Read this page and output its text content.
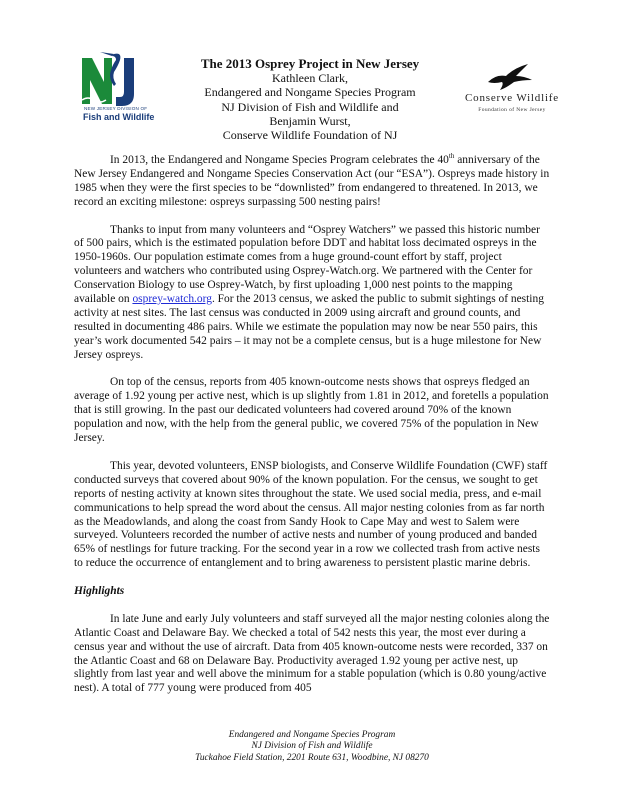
NEW JERSEY DIVISION OF
Fish and Wildlife
The 2013 Osprey Project in New Jersey
Kathleen Clark,
Endangered and Nongame Species Program
NJ Division of Fish and Wildlife and
Benjamin Wurst,
Conserve Wildlife Foundation of NJ
Conserve Wildlife
Foundation of New Jersey

In 2013, the Endangered and Nongame Species Program celebrates the 40th anniversary of the New Jersey Endangered and Nongame Species Conservation Act (our “ESA”). Ospreys made history in 1985 when they were the first species to be “downlisted” from endangered to threatened. In 2013, we record an exciting milestone: ospreys surpassing 500 nesting pairs!

Thanks to input from many volunteers and “Osprey Watchers” we passed this historic number of 500 pairs, which is the estimated population before DDT and habitat loss decimated ospreys in the 1950-1960s. Our population estimate comes from a huge ground-count effort by staff, project volunteers and watchers who contributed using Osprey-Watch.org. We partnered with the Center for Conservation Biology to use Osprey-Watch, by first uploading 1,000 nest points to the mapping available on osprey-watch.org. For the 2013 census, we asked the public to submit sightings of nesting activity at nest sites. The last census was conducted in 2009 using aircraft and ground counts, and resulted in documenting 486 pairs. While we estimate the population may now be near 550 pairs, this year’s work documented 542 pairs – it may not be a complete census, but is a huge milestone for New Jersey ospreys.

On top of the census, reports from 405 known-outcome nests shows that ospreys fledged an average of 1.92 young per active nest, which is up slightly from 1.81 in 2012, and foretells a population that is still growing. In the past our dedicated volunteers had covered around 70% of the known population and now, with the help from the general public, we covered 75% of the population in New Jersey.

This year, devoted volunteers, ENSP biologists, and Conserve Wildlife Foundation (CWF) staff conducted surveys that covered about 90% of the known population. For the census, we sought to get reports of nesting activity at known sites throughout the state. We used social media, press, and e-mail communications to help spread the word about the census. All major nesting colonies from as far north as the Meadowlands, and along the coast from Sandy Hook to Cape May and west to Salem were surveyed. Volunteers recorded the number of active nests and number of young produced and banded 65% of nestlings for future tracking. For the second year in a row we collected trash from active nests to reduce the occurrence of entanglement and to bring awareness to persistent plastic marine debris.

Highlights

In late June and early July volunteers and staff surveyed all the major nesting colonies along the Atlantic Coast and Delaware Bay. We checked a total of 542 nests this year, the most ever during a census year and without the use of aircraft. Data from 405 known-outcome nests were recorded, 337 on the Atlantic Coast and 68 on Delaware Bay. Productivity averaged 1.92 young per active nest, up slightly from last year and well above the minimum for a stable population (which is 0.80 young/active nest). A total of 777 young were produced from 405

Endangered and Nongame Species Program
NJ Division of Fish and Wildlife
Tuckahoe Field Station, 2201 Route 631, Woodbine, NJ 08270
